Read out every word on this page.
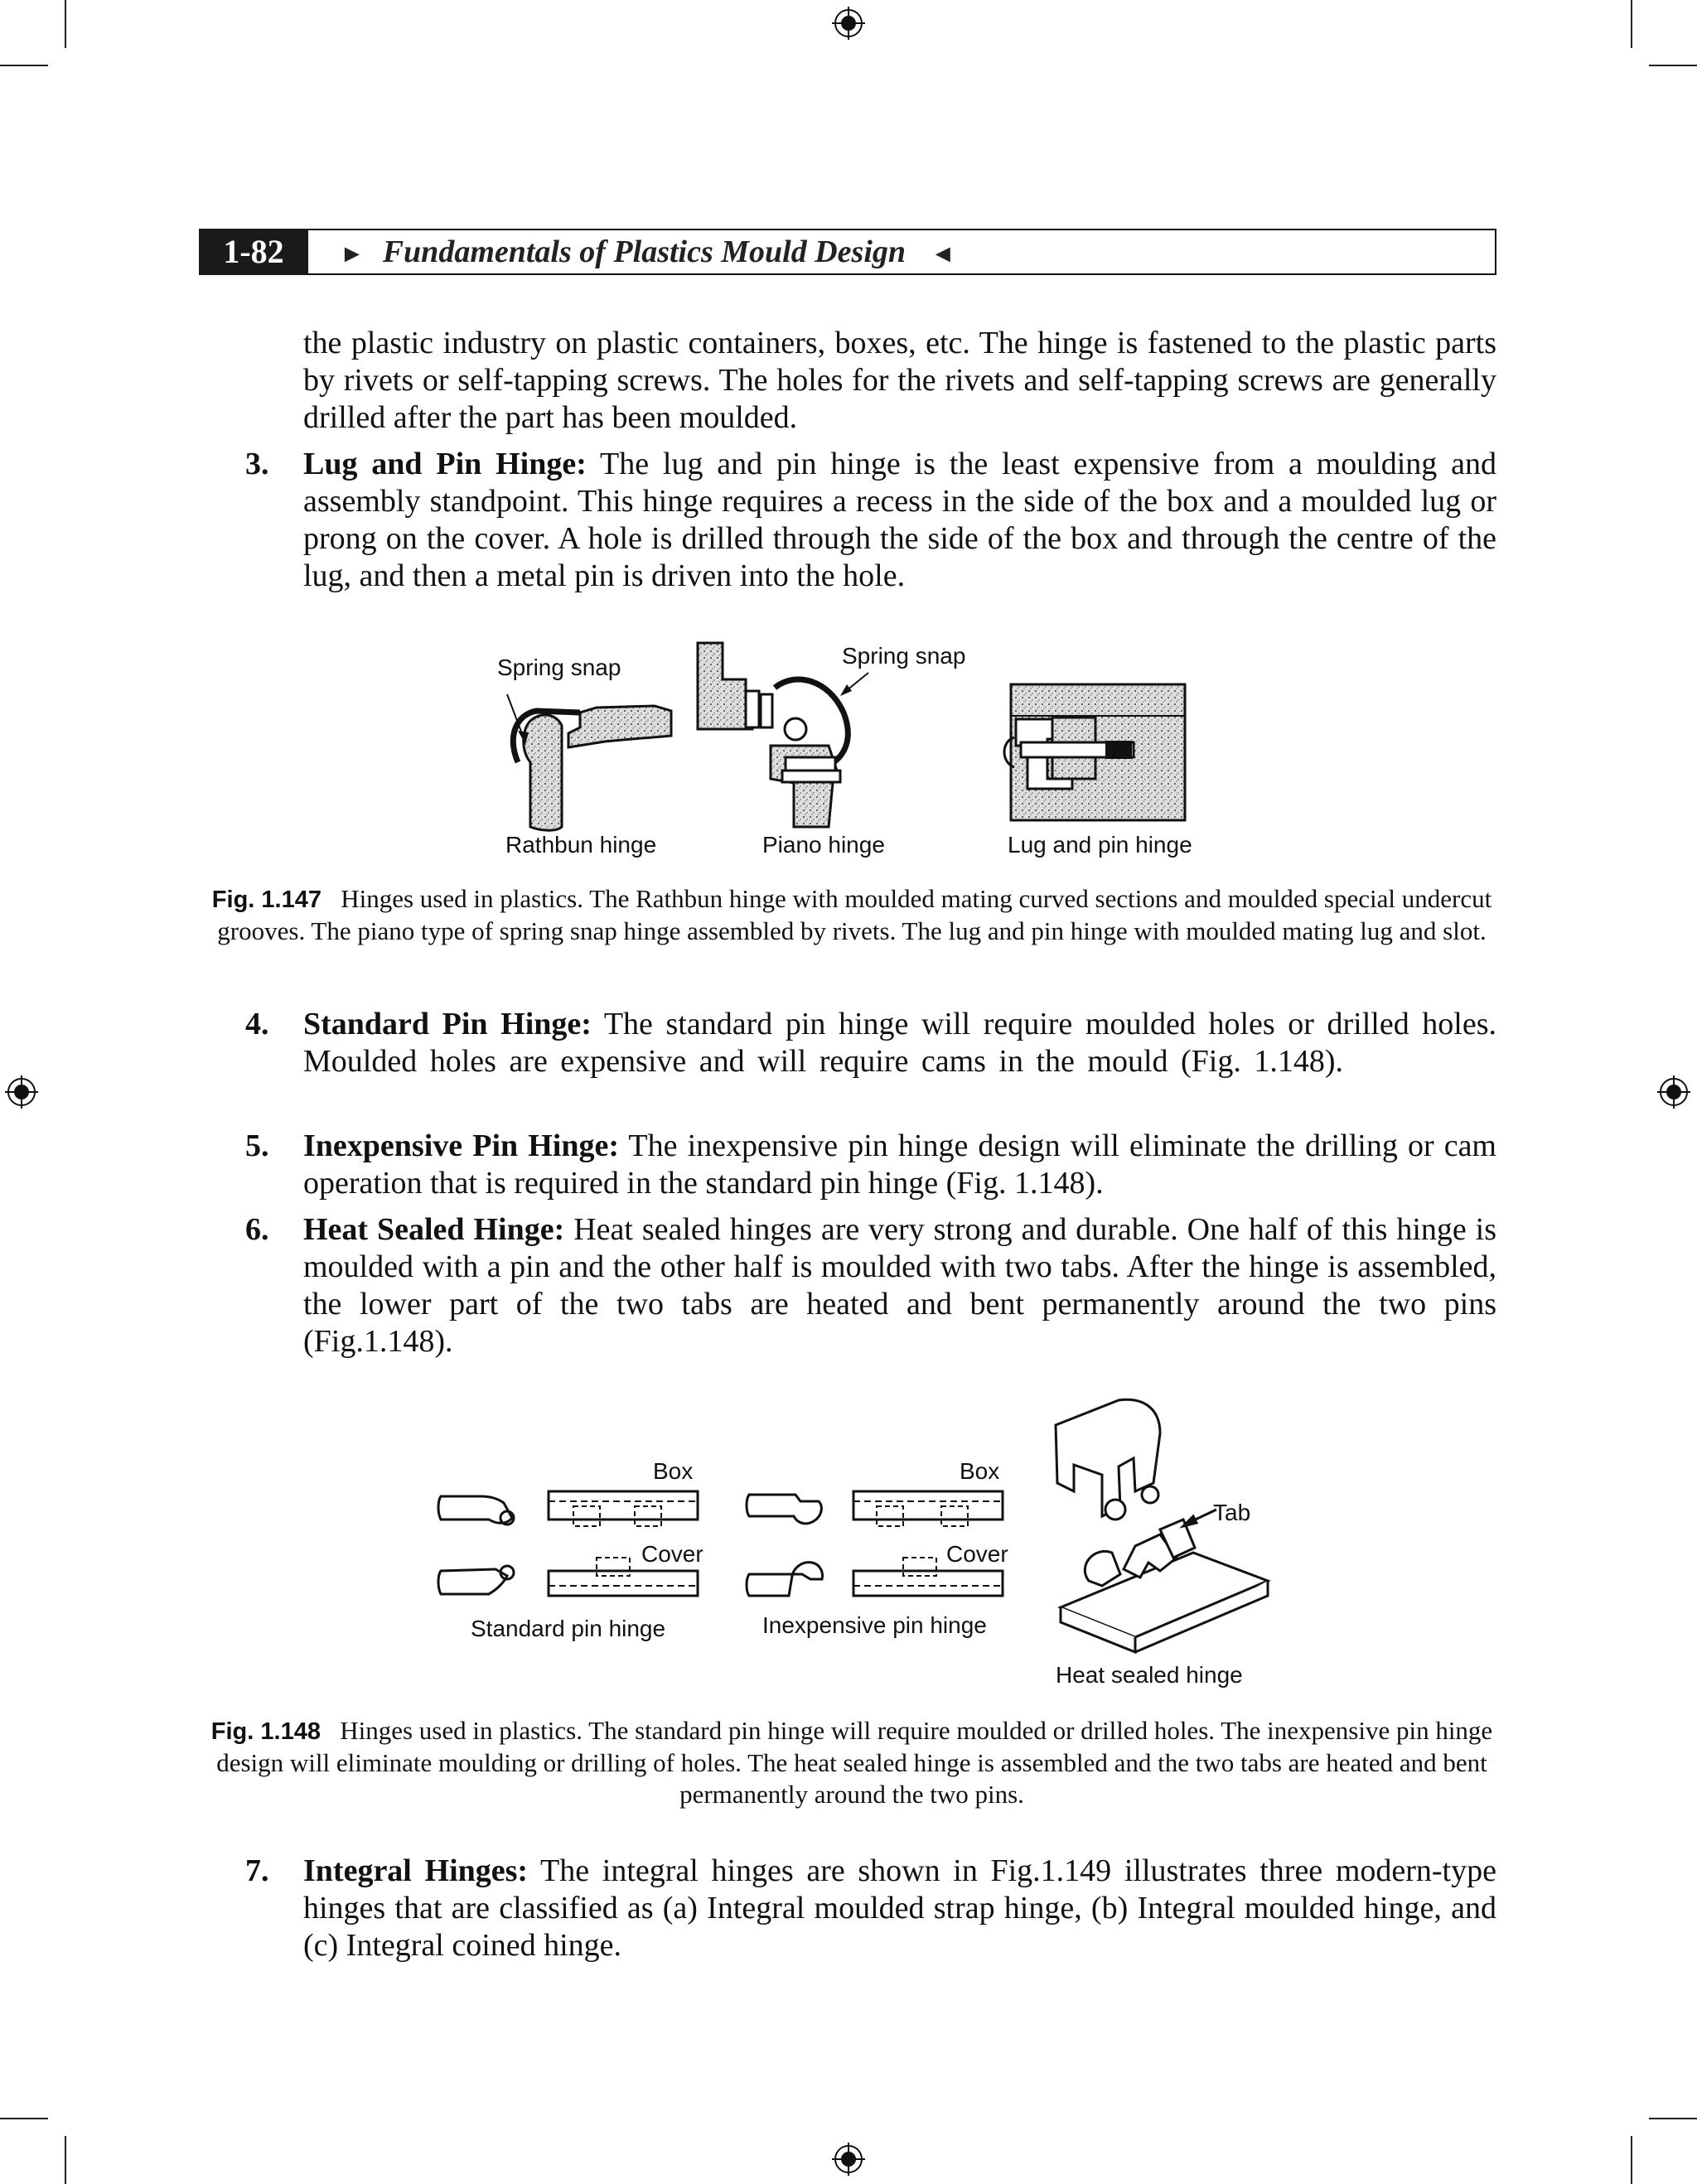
1-82	► Fundamentals of Plastics Mould Design ◄
the plastic industry on plastic containers, boxes, etc. The hinge is fastened to the plastic parts by rivets or self-tapping screws. The holes for the rivets and self-tapping screws are generally drilled after the part has been moulded.
3. Lug and Pin Hinge: The lug and pin hinge is the least expensive from a moulding and assembly standpoint. This hinge requires a recess in the side of the box and a moulded lug or prong on the cover. A hole is drilled through the side of the box and through the centre of the lug, and then a metal pin is driven into the hole.
Spring snap	Spring snap
Rathbun hinge	Piano hinge	Lug and pin hinge
Fig. 1.147 Hinges used in plastics. The Rathbun hinge with moulded mating curved sections and moulded special undercut grooves. The piano type of spring snap hinge assembled by rivets. The lug and pin hinge with moulded mating lug and slot.
4. Standard Pin Hinge: The standard pin hinge will require moulded holes or drilled holes. Moulded holes are expensive and will require cams in the mould (Fig. 1.148).
5. Inexpensive Pin Hinge: The inexpensive pin hinge design will eliminate the drilling or cam operation that is required in the standard pin hinge (Fig. 1.148).
6. Heat Sealed Hinge: Heat sealed hinges are very strong and durable. One half of this hinge is moulded with a pin and the other half is moulded with two tabs. After the hinge is assembled, the lower part of the two tabs are heated and bent permanently around the two pins (Fig.1.148).
Box
Cover
Standard pin hinge
Box
Cover
Inexpensive pin hinge
Tab
Heat sealed hinge
Fig. 1.148 Hinges used in plastics. The standard pin hinge will require moulded or drilled holes. The inexpensive pin hinge design will eliminate moulding or drilling of holes. The heat sealed hinge is assembled and the two tabs are heated and bent permanently around the two pins.
7. Integral Hinges: The integral hinges are shown in Fig.1.149 illustrates three modern-type hinges that are classified as (a) Integral moulded strap hinge, (b) Integral moulded hinge, and (c) Integral coined hinge.
